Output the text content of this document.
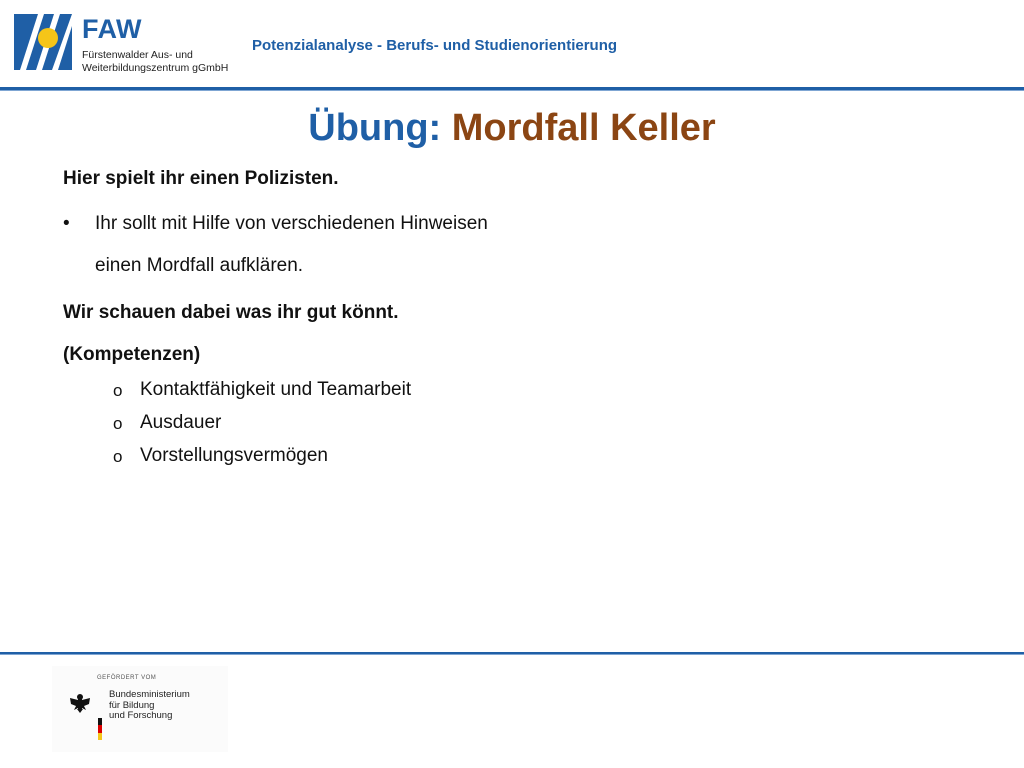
FAW
Fürstenwalder Aus- und
Weiterbildungszentrum gGmbH
Potenzialanalyse - Berufs- und Studienorientierung
Übung: Mordfall Keller

Hier spielt ihr einen Polizisten.

• Ihr sollt mit Hilfe von verschiedenen Hinweisen
einen Mordfall aufklären.

Wir schauen dabei was ihr gut könnt.

(Kompetenzen)

o Kontaktfähigkeit und Teamarbeit
o Ausdauer
o Vorstellungsvermögen
GEFÖRDERT VOM
Bundesministerium
für Bildung
und Forschung
